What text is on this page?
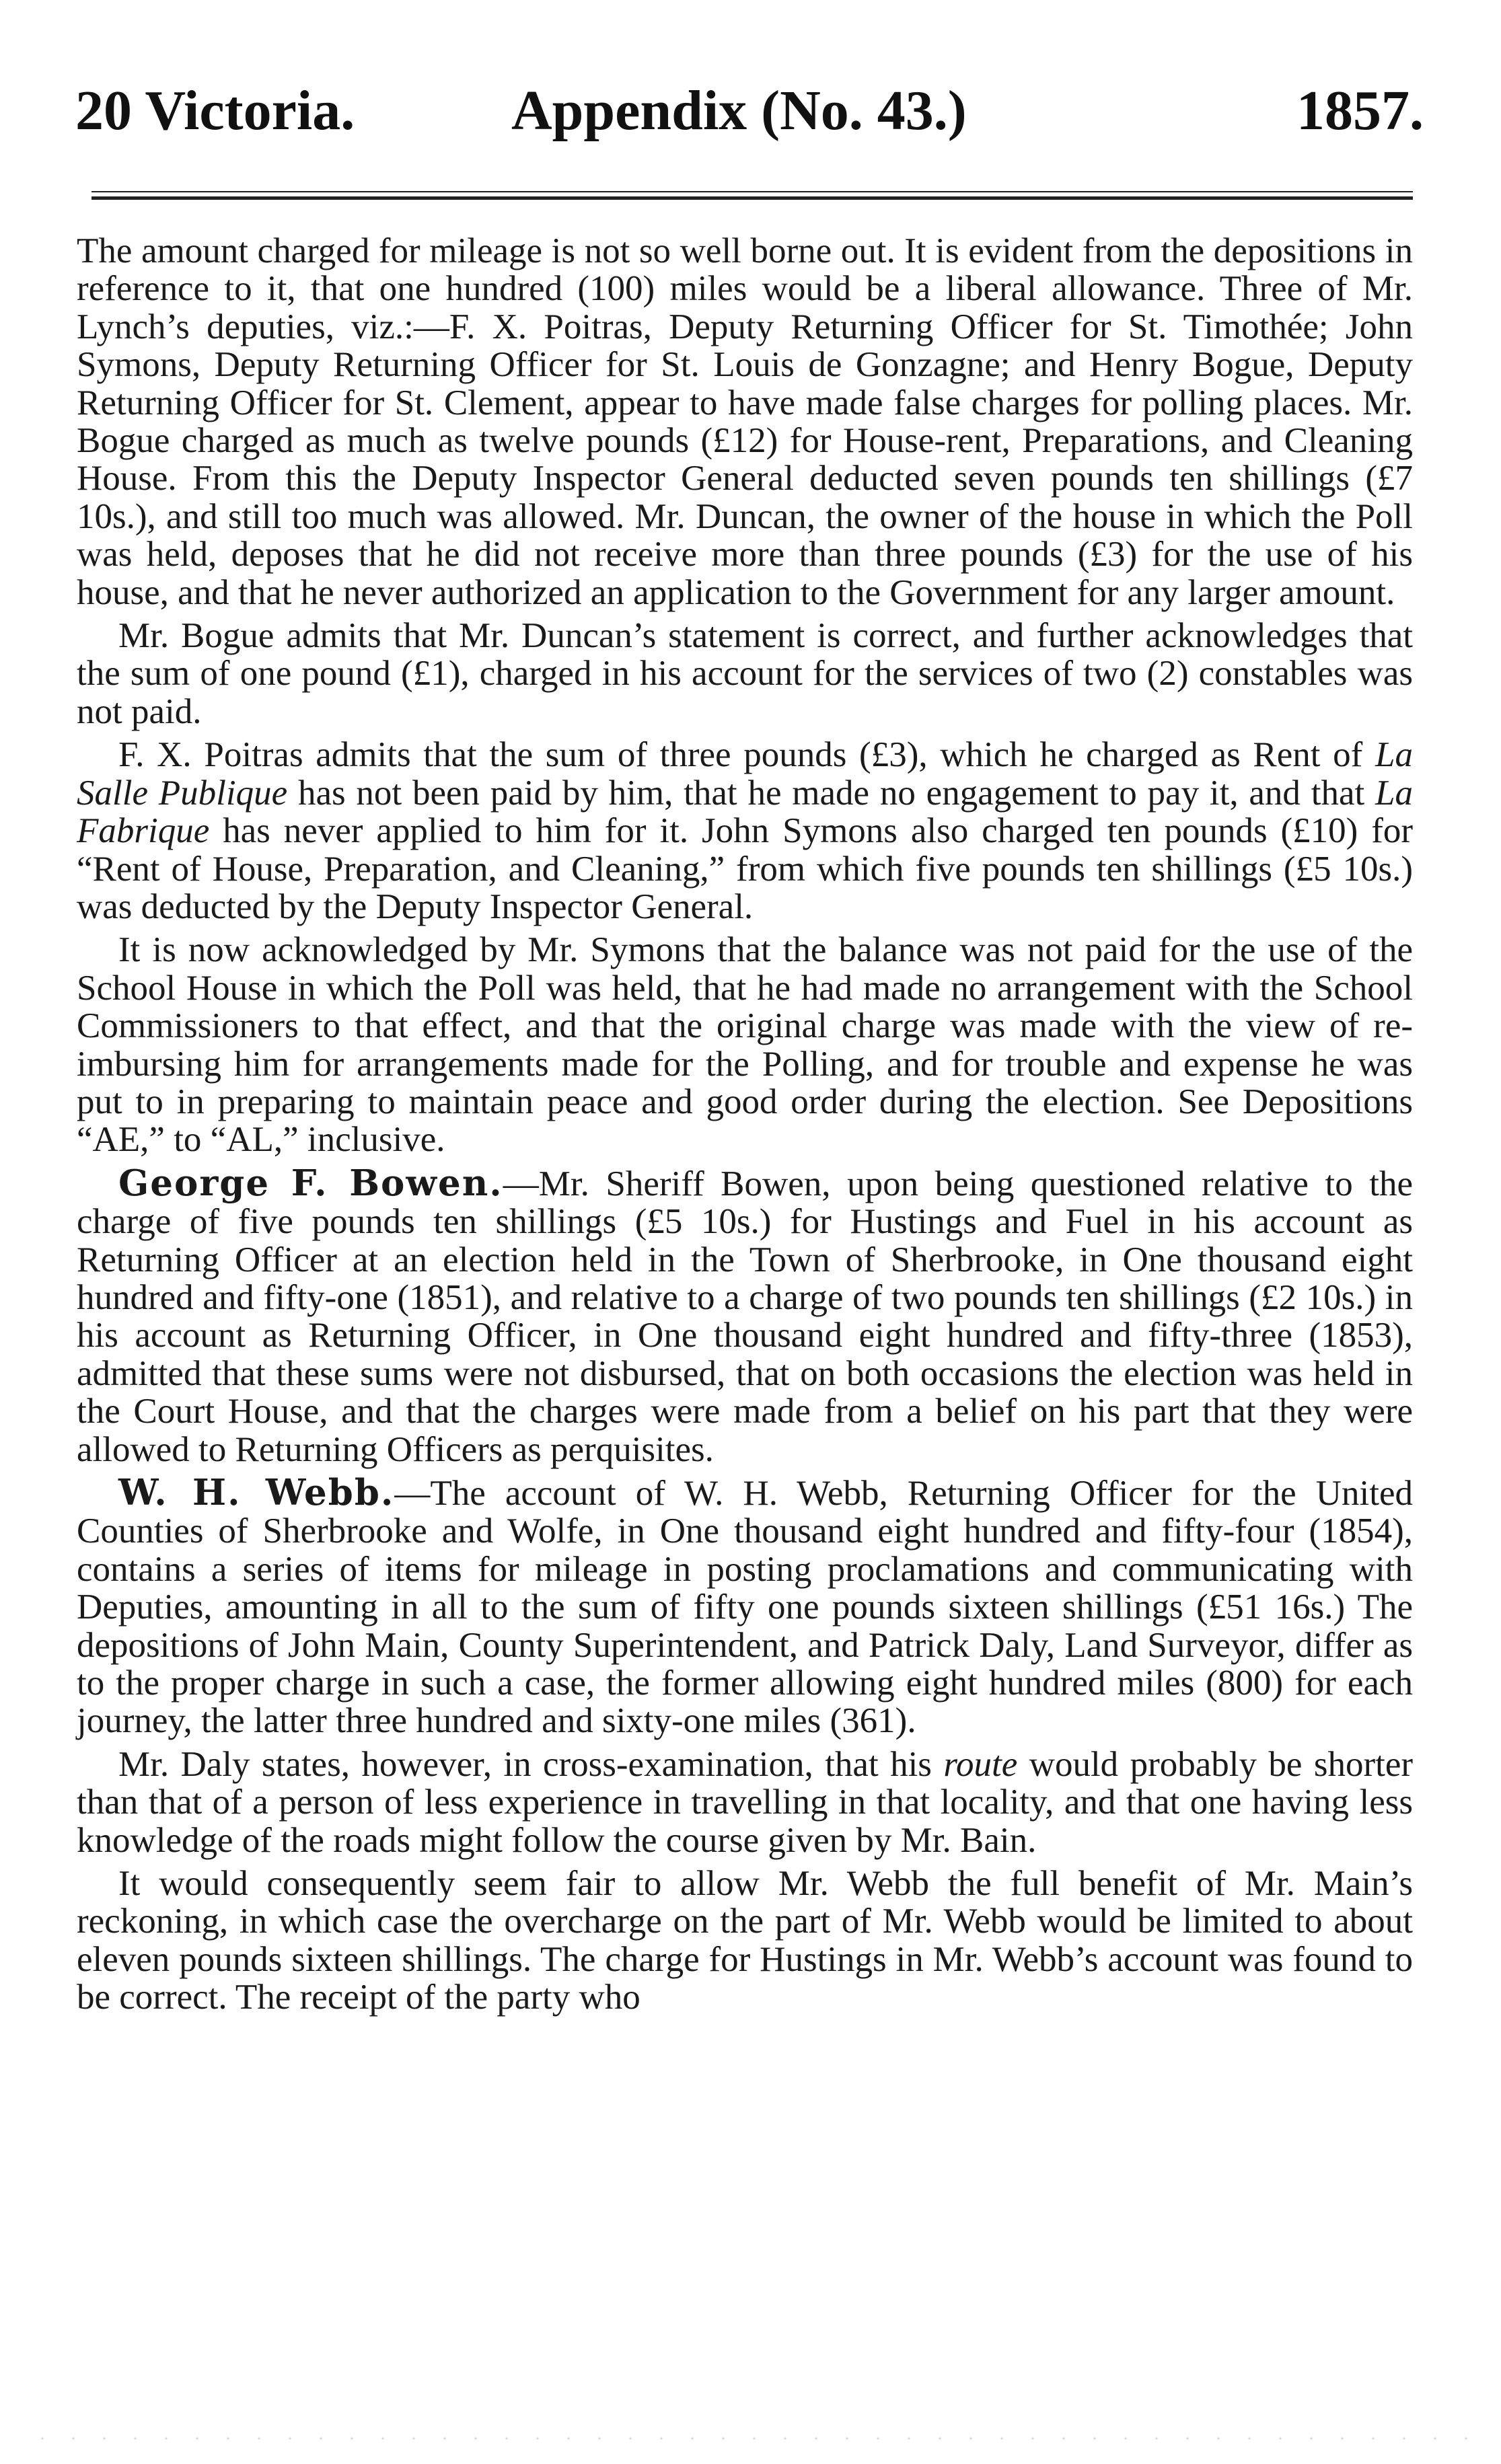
20 Victoria.	Appendix (No. 43.)	1857.

The amount charged for mileage is not so well borne out. It is evident from the depositions in reference to it, that one hundred (100) miles would be a liberal allowance. Three of Mr. Lynch’s deputies, viz.:—F. X. Poitras, Deputy Returning Officer for St. Timothée; John Symons, Deputy Returning Officer for St. Louis de Gonzagne; and Henry Bogue, Deputy Returning Officer for St. Clement, appear to have made false charges for polling places. Mr. Bogue charged as much as twelve pounds (£12) for House-rent, Preparations, and Cleaning House. From this the Deputy Inspector General deducted seven pounds ten shillings (£7 10s.), and still too much was allowed. Mr. Duncan, the owner of the house in which the Poll was held, deposes that he did not receive more than three pounds (£3) for the use of his house, and that he never authorized an application to the Government for any larger amount.

Mr. Bogue admits that Mr. Duncan’s statement is correct, and further acknowledges that the sum of one pound (£1), charged in his account for the services of two (2) constables was not paid.

F. X. Poitras admits that the sum of three pounds (£3), which he charged as Rent of La Salle Publique has not been paid by him, that he made no engagement to pay it, and that La Fabrique has never applied to him for it. John Symons also charged ten pounds (£10) for “Rent of House, Preparation, and Cleaning,” from which five pounds ten shillings (£5 10s.) was deducted by the Deputy Inspector General.

It is now acknowledged by Mr. Symons that the balance was not paid for the use of the School House in which the Poll was held, that he had made no arrangement with the School Commissioners to that effect, and that the original charge was made with the view of re-imbursing him for arrangements made for the Polling, and for trouble and expense he was put to in preparing to maintain peace and good order during the election. See Depositions “AE,” to “AL,” inclusive.

George F. Bowen.—Mr. Sheriff Bowen, upon being questioned relative to the charge of five pounds ten shillings (£5 10s.) for Hustings and Fuel in his account as Returning Officer at an election held in the Town of Sherbrooke, in One thousand eight hundred and fifty-one (1851), and relative to a charge of two pounds ten shillings (£2 10s.) in his account as Returning Officer, in One thousand eight hundred and fifty-three (1853), admitted that these sums were not disbursed, that on both occasions the election was held in the Court House, and that the charges were made from a belief on his part that they were allowed to Returning Officers as perquisites.

W. H. Webb.—The account of W. H. Webb, Returning Officer for the United Counties of Sherbrooke and Wolfe, in One thousand eight hundred and fifty-four (1854), contains a series of items for mileage in posting proclamations and communicating with Deputies, amounting in all to the sum of fifty one pounds sixteen shillings (£51 16s.) The depositions of John Main, County Superintendent, and Patrick Daly, Land Surveyor, differ as to the proper charge in such a case, the former allowing eight hundred miles (800) for each journey, the latter three hundred and sixty-one miles (361).

Mr. Daly states, however, in cross-examination, that his route would probably be shorter than that of a person of less experience in travelling in that locality, and that one having less knowledge of the roads might follow the course given by Mr. Bain.

It would consequently seem fair to allow Mr. Webb the full benefit of Mr. Main’s reckoning, in which case the overcharge on the part of Mr. Webb would be limited to about eleven pounds sixteen shillings. The charge for Hustings in Mr. Webb’s account was found to be correct. The receipt of the party who
